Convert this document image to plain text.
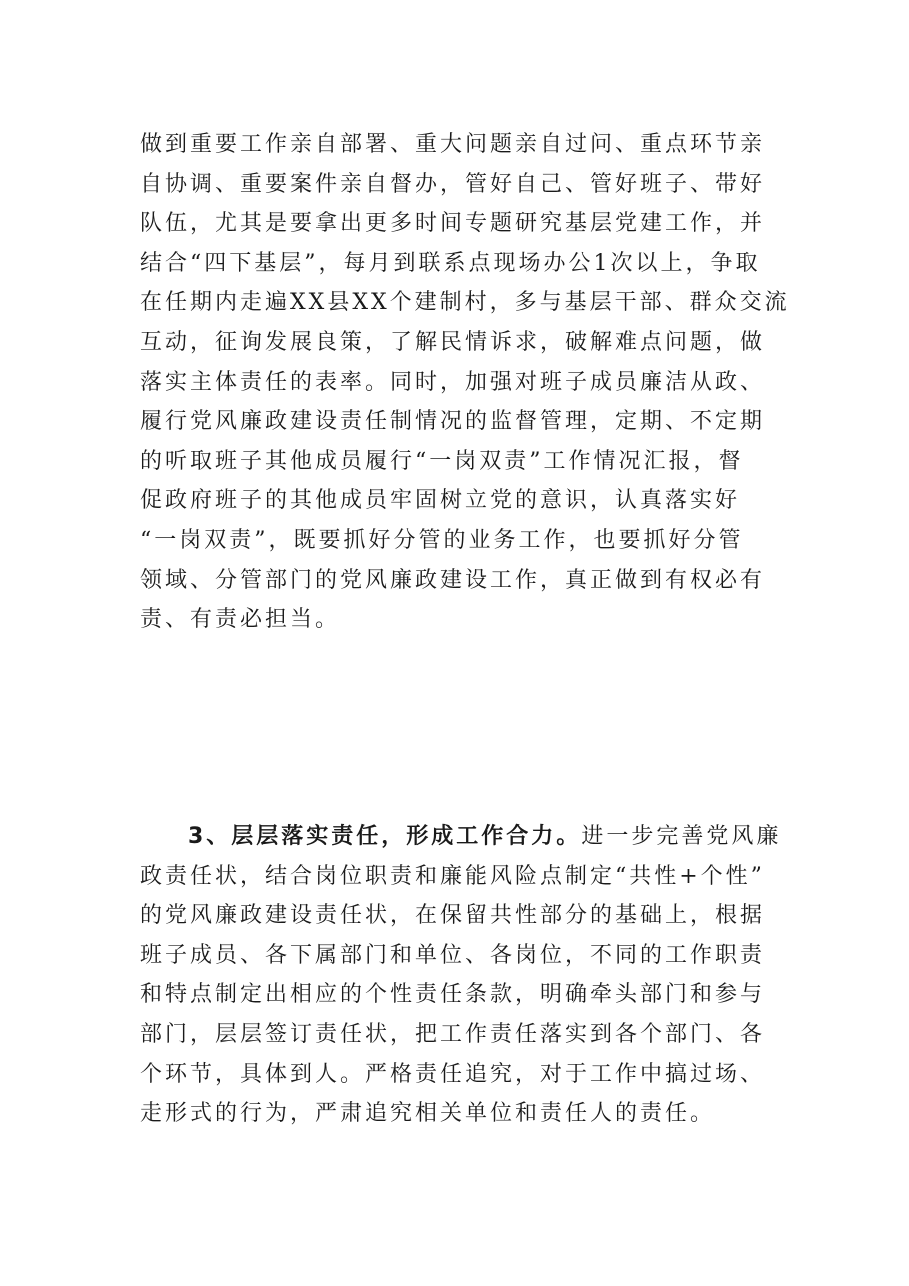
做到重要工作亲自部署、重大问题亲自过问、重点环节亲
自协调、重要案件亲自督办，管好自己、管好班子、带好
队伍，尤其是要拿出更多时间专题研究基层党建工作，并
结合“四下基层”，每月到联系点现场办公1次以上，争取
在任期内走遍XX县XX个建制村，多与基层干部、群众交流
互动，征询发展良策，了解民情诉求，破解难点问题，做
落实主体责任的表率。同时，加强对班子成员廉洁从政、
履行党风廉政建设责任制情况的监督管理，定期、不定期
的听取班子其他成员履行“一岗双责”工作情况汇报，督
促政府班子的其他成员牢固树立党的意识，认真落实好
“一岗双责”，既要抓好分管的业务工作，也要抓好分管
领域、分管部门的党风廉政建设工作，真正做到有权必有
责、有责必担当。
3、层层落实责任，形成工作合力。进一步完善党风廉
政责任状，结合岗位职责和廉能风险点制定“共性+个性”
的党风廉政建设责任状，在保留共性部分的基础上，根据
班子成员、各下属部门和单位、各岗位，不同的工作职责
和特点制定出相应的个性责任条款，明确牵头部门和参与
部门，层层签订责任状，把工作责任落实到各个部门、各
个环节，具体到人。严格责任追究，对于工作中搞过场、
走形式的行为，严肃追究相关单位和责任人的责任。
